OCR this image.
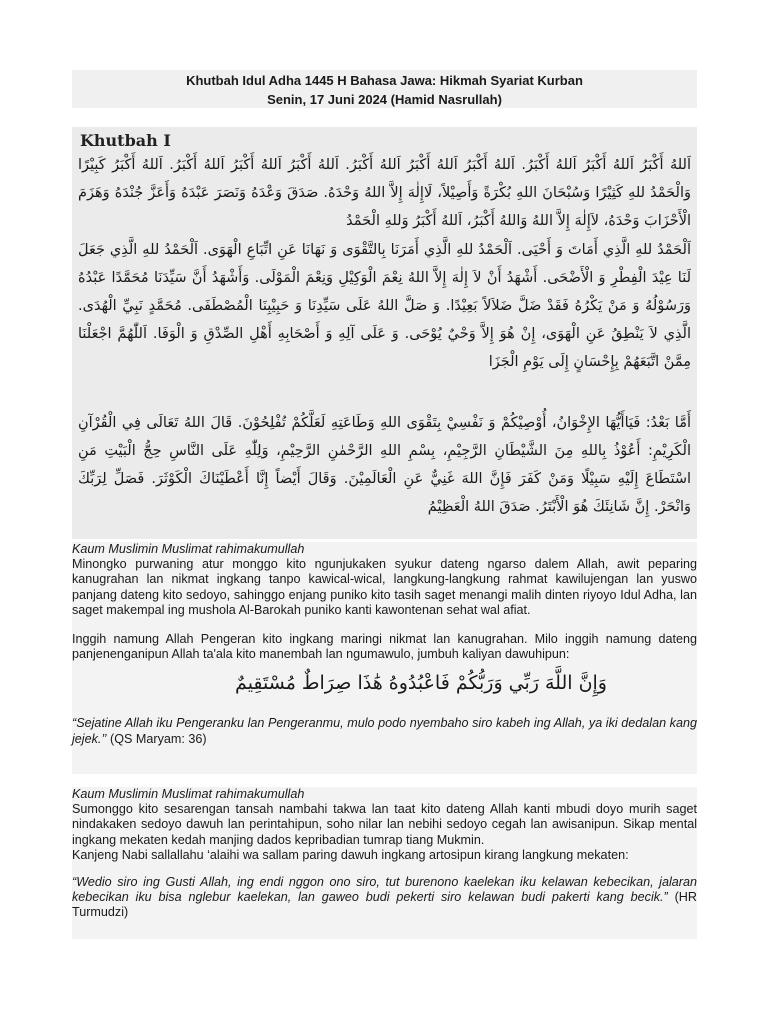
Khutbah Idul Adha 1445 H Bahasa Jawa: Hikmah Syariat Kurban
Senin, 17 Juni 2024 (Hamid Nasrullah)
Khutbah I
اَللهُ أَكْبَرُ اَللهُ أَكْبَرُ اَللهُ أَكْبَرُ. اَللهُ أَكْبَرُ اَللهُ أَكْبَرُ اَللهُ أَكْبَرُ. اَللهُ أَكْبَرُ اَللهُ أَكْبَرُ اَللهُ أَكْبَرُ. اَللهُ أَكْبَرُ كَبِيْرًا وَالْحَمْدُ للهِ كَثِيْرًا وَسُبْحَانَ اللهِ بُكْرَةً وَأَصِيْلاً، لَاإِلٰهَ إِلاَّ اللهُ وَحْدَهُ. صَدَقَ وَعْدَهُ وَنَصَرَ عَبْدَهُ وَأَعَزَّ جُنْدَهُ وَهَزَمَ الْأَحْزَابَ وَحْدَهُ، لاَإِلٰهَ إِلاَّ اللهُ وَاللهُ أَكْبَرُ، اَللهُ أَكْبَرُ وَللهِ الْحَمْدُ
اَلْحَمْدُ للهِ الَّذِي أَمَاتَ وَ أَحْيَى. اَلْحَمْدُ للهِ الَّذِي أَمَرَنَا بِالتَّقْوَى وَ نَهَانَا عَنِ اتِّبَاعِ الْهَوَى. اَلْحَمْدُ للهِ الَّذِي جَعَلَ لَنَا عِيْدَ الْفِطْرِ وَ الْأَضْحَى. أَشْهَدُ أَنْ لاَ إِلٰهَ إِلاَّ اللهُ نِعْمَ الْوَكِيْلِ وَنِعْمَ الْمَوْلَى. وَأَشْهَدُ أَنَّ سَيِّدَنَا مُحَمَّدًا عَبْدُهُ وَرَسُوْلُهُ وَ مَنْ يَكْرُهُ فَقَدْ ضَلَّ ضَلاَلاً بَعِيْدًا. وَ صَلَّ اللهُ عَلَى سَيِّدِنَا وَ حَبِيْبِنَا الْمُصْطَفَى. مُحَمَّدٍ نَبِيِّ الْهُدَى. الَّذِي لاَ يَنْطِقُ عَنِ الْهَوَى، إِنْ هُوَ إِلاَّ وَحْيٌ يُوْحَى. وَ عَلَى آلِهِ وَ أَصْحَابِهِ أَهْلِ الصِّدْقِ وَ الْوَفَا. اَللّٰهُمَّ اجْعَلْنَا مِمَّنْ اتَّبَعَهُمْ بِإِحْسَانٍ إِلَى يَوْمِ الْجَزَا
أَمَّا بَعْدُ: فَيَاأَيُّهَا الإِخْوَانُ، أُوْصِيْكُمْ وَ نَفْسِيْ بِتَقْوَى اللهِ وَطَاعَتِهِ لَعَلَّكُمْ تُفْلِحُوْنَ. قَالَ اللهُ تَعَالَى فِي الْقُرْآنِ الْكَرِيْمِ: أَعُوْذُ بِاللهِ مِنَ الشَّيْطَانِ الرَّجِيْمِ، بِسْمِ اللهِ الرَّحْمٰنِ الرَّحِيْمِ، وَلِلّٰهِ عَلَى النَّاسِ حِجُّ الْبَيْتِ مَنِ اسْتَطَاعَ إِلَيْهِ سَبِيْلًا وَمَنْ كَفَرَ فَإِنَّ اللهَ غَنِيٌّ عَنِ الْعَالَمِيْنَ. وَقَالَ أَيْضاً إِنَّا أَعْطَيْنَاكَ الْكَوْثَرَ. فَصَلِّ لِرَبِّكَ وَانْحَرْ. إِنَّ شَانِئَكَ هُوَ الْأَبْتَرُ. صَدَقَ اللهُ الْعَظِيْمُ

Kaum Muslimin Muslimat rahimakumullah

Minongko purwaning atur monggo kito ngunjukaken syukur dateng ngarso dalem Allah, awit peparing kanugrahan lan nikmat ingkang tanpo kawical-wical, langkung-langkung rahmat kawilujengan lan yuswo panjang dateng kito sedoyo, sahinggo enjang puniko kito tasih saget menangi malih dinten riyoyo Idul Adha, lan saget makempal ing mushola Al-Barokah puniko kanti kawontenan sehat wal afiat.

Inggih namung Allah Pengeran kito ingkang maringi nikmat lan kanugrahan. Milo inggih namung dateng panjenenganipun Allah ta'ala kito manembah lan ngumawulo, jumbuh kaliyan dawuhipun:

وَإِنَّ اللَّهَ رَبِّي وَرَبُّكُمْ فَاعْبُدُوهُ هَٰذَا صِرَاطٌ مُسْتَقِيمٌ

“Sejatine Allah iku Pengeranku lan Pengeranmu, mulo podo nyembaho siro kabeh ing Allah, ya iki dedalan kang jejek.’’ (QS Maryam: 36)

Kaum Muslimin Muslimat rahimakumullah

Sumonggo kito sesarengan tansah nambahi takwa lan taat kito dateng Allah kanti mbudi doyo murih saget nindakaken sedoyo dawuh lan perintahipun, soho nilar lan nebihi sedoyo cegah lan awisanipun. Sikap mental ingkang mekaten kedah manjing dados kepribadian tumrap tiang Mukmin.

Kanjeng Nabi sallallahu ‘alaihi wa sallam paring dawuh ingkang artosipun kirang langkung mekaten:

“Wedio siro ing Gusti Allah, ing endi nggon ono siro, tut burenono kaelekan iku kelawan kebecikan, jalaran kebecikan iku bisa nglebur kaelekan, lan gaweo budi pekerti siro kelawan budi pakerti kang becik.” (HR Turmudzi)
